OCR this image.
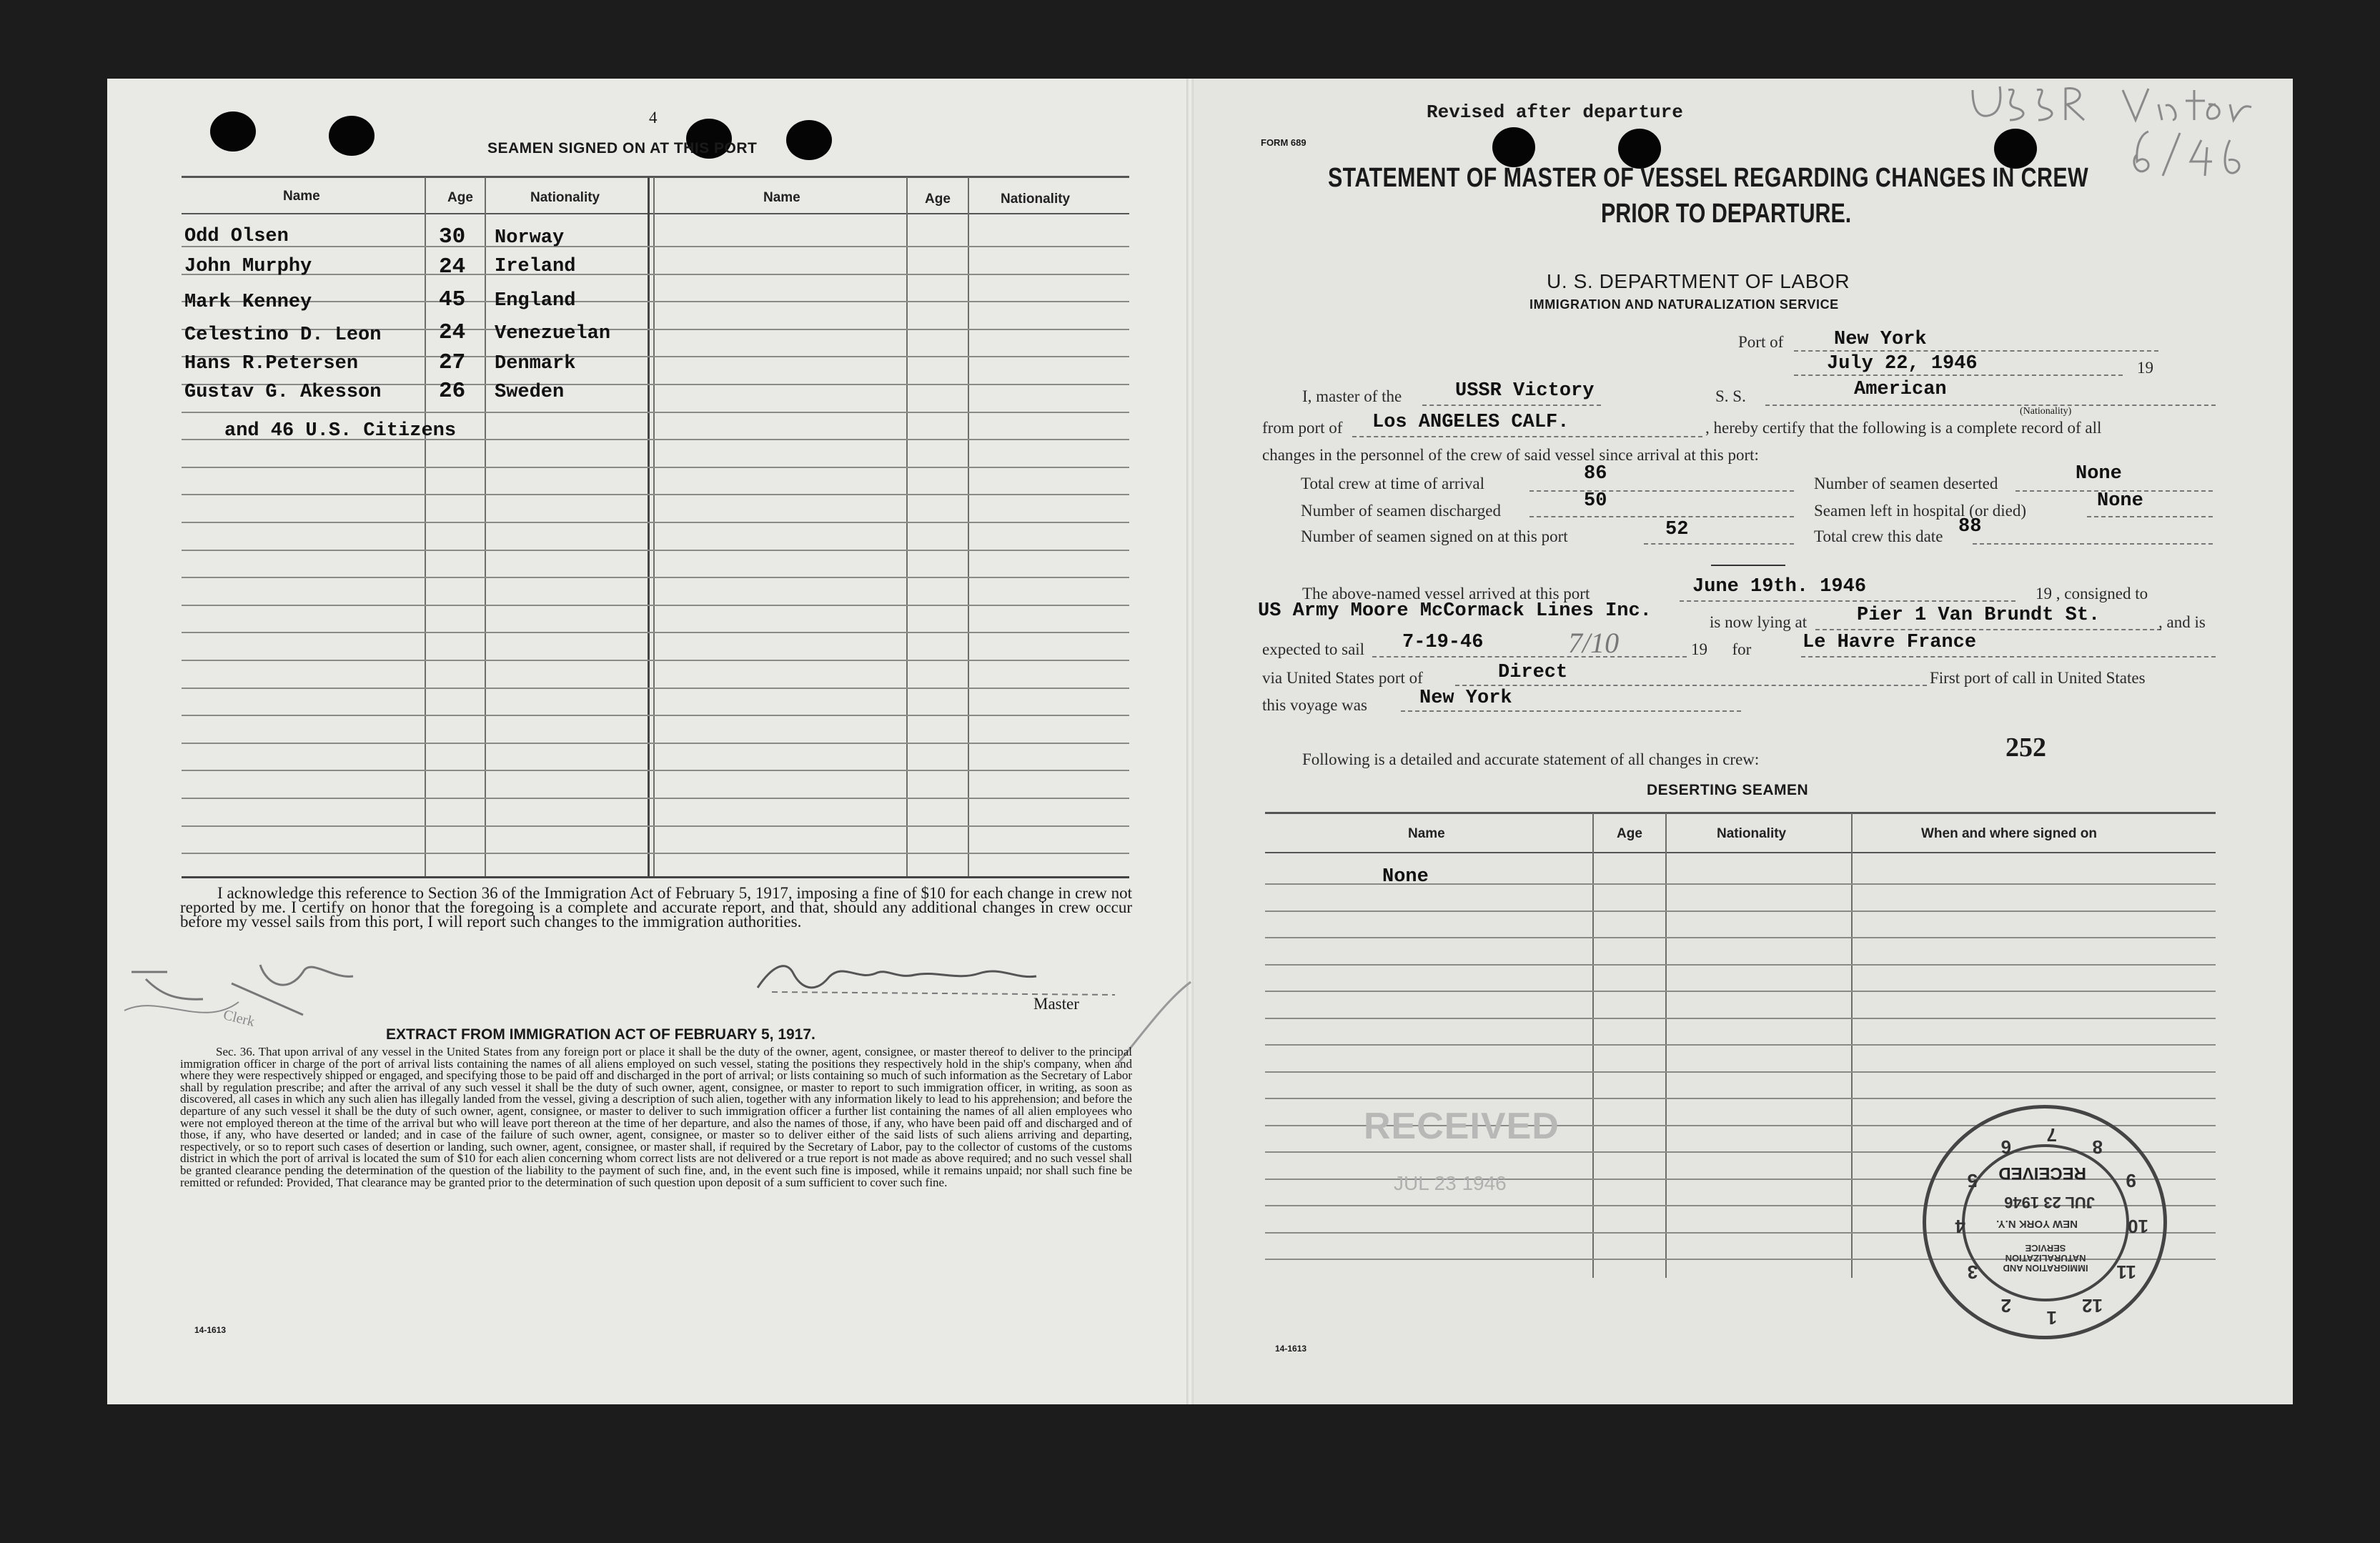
4
SEAMEN SIGNED ON AT THIS PORT
Name	Age	Nationality	Name	Age	Nationality
Odd Olsen	30 Norway
John Murphy	24 Ireland
Mark Kenney	45 England
Celestino D. Leon	24 Venezuelan
Hans R.Petersen	27 Denmark
Gustav G. Akesson	26 Sweden
and 46 U.S. Citizens
I acknowledge this reference to Section 36 of the Immigration Act of February 5, 1917, imposing a fine of $10 for each change in crew not reported by me. I certify on honor that the foregoing is a complete and accurate report, and that, should any additional changes in crew occur before my vessel sails from this port, I will report such changes to the immigration authorities.
Master
Clerk
EXTRACT FROM IMMIGRATION ACT OF FEBRUARY 5, 1917.
Sec. 36. That upon arrival of any vessel in the United States from any foreign port or place it shall be the duty of the owner, agent, consignee, or master thereof to deliver to the principal immigration officer in charge of the port of arrival lists containing the names of all aliens employed on such vessel, stating the positions they respectively hold in the ship's company, when and where they were respectively shipped or engaged, and specifying those to be paid off and discharged in the port of arrival; or lists containing so much of such information as the Secretary of Labor shall by regulation prescribe; and after the arrival of any such vessel it shall be the duty of such owner, agent, consignee, or master to report to such immigration officer, in writing, as soon as discovered, all cases in which any such alien has illegally landed from the vessel, giving a description of such alien, together with any information likely to lead to his apprehension; and before the departure of any such vessel it shall be the duty of such owner, agent, consignee, or master to deliver to such immigration officer a further list containing the names of all alien employees who were not employed thereon at the time of the arrival but who will leave port thereon at the time of her departure, and also the names of those, if any, who have been paid off and discharged and of those, if any, who have deserted or landed; and in case of the failure of such owner, agent, consignee, or master so to deliver either of the said lists of such aliens arriving and departing, respectively, or so to report such cases of desertion or landing, such owner, agent, consignee, or master shall, if required by the Secretary of Labor, pay to the collector of customs of the customs district in which the port of arrival is located the sum of $10 for each alien concerning whom correct lists are not delivered or a true report is not made as above required; and no such vessel shall be granted clearance pending the determination of the question of the liability to the payment of such fine, and, in the event such fine is imposed, while it remains unpaid; nor shall such fine be remitted or refunded: Provided, That clearance may be granted prior to the determination of such question upon deposit of a sum sufficient to cover such fine.
14-1613
Revised after departure
FORM 689
STATEMENT OF MASTER OF VESSEL REGARDING CHANGES IN CREW
PRIOR TO DEPARTURE.
U. S. DEPARTMENT OF LABOR
IMMIGRATION AND NATURALIZATION SERVICE
Port of	New York
July 22, 1946	19
I, master of the	USSR Victory	S. S.	American
(Nationality)
from port of Los ANGELES CALF.	, hereby certify that the following is a complete record of all
changes in the personnel of the crew of said vessel since arrival at this port:
Total crew at time of arrival	86
Number of seamen discharged	50
Number of seamen signed on at this port	52
Number of seamen deserted	None
Seamen left in hospital (or died)	None
Total crew this date 88
The above-named vessel arrived at this port	June 19th. 1946	19 , consigned to
US Army Moore McCormack Lines Inc.
is now lying at	Pier 1 Van Brundt St.	, and is
expected to sail 7-19-46	7/10	19      for	Le Havre France
via United States port of	Direct	First port of call in United States
this voyage was	New York
Following is a detailed and accurate statement of all changes in crew:	252
DESERTING SEAMEN
Name	Age	Nationality	When and where signed on
None
RECEIVED
JUL 23 1946
1
2
3
4
5
6
7
8
9
10
11
12
IMMIGRATION AND NATURALIZATION SERVICE
NEW YORK N.Y.
JUL 23 1946
RECEIVED
14-1613
